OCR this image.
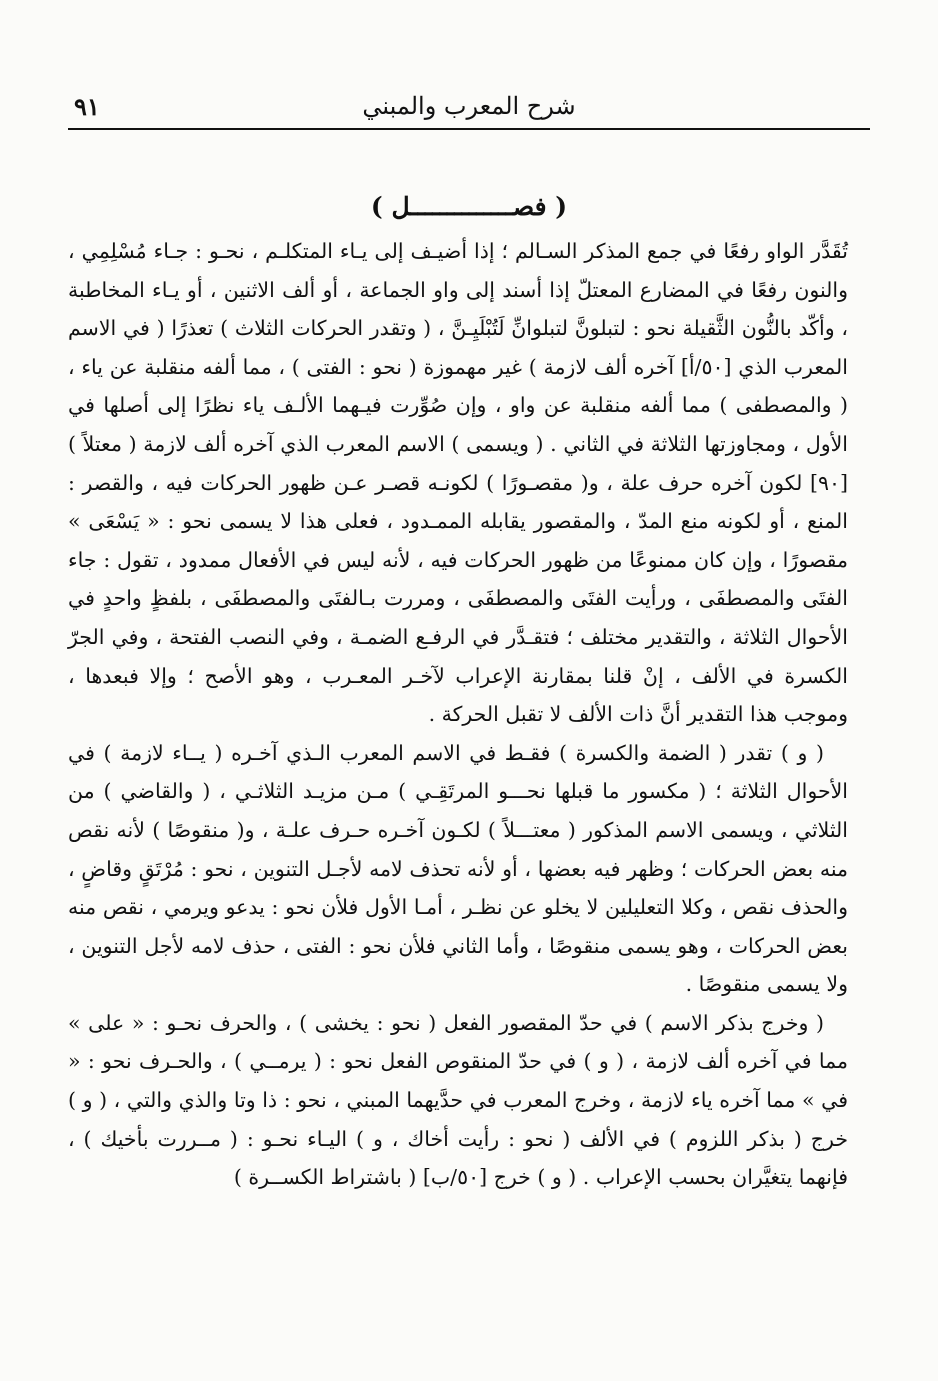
٩١	شرح المعرب والمبني
( فصــــــــــــــل )

تُقَدَّر الواو رفعًا في جمع المذكر السـالم ؛ إذا أضيـف إلى يـاء المتكلـم ، نحـو : جـاء مُسْلِمِي ، والنون رفعًا في المضارع المعتلّ إذا أسند إلى واو الجماعة ، أو ألف الاثنين ، أو يـاء المخاطبة ، وأكّد بالنُّون الثَّقيلة نحو : لتبلونَّ لتبلوانِّ لَتُبْلَيِـنَّ ، ( وتقدر الحركات الثلاث ) تعذرًا ( في الاسم المعرب الذي [٥٠/أ] آخره ألف لازمة ) غير مهموزة ( نحو : الفتى ) ، مما ألفه منقلبة عن ياء ، ( والمصطفى ) مما ألفه منقلبة عن واو ، وإن صُوِّرت فيـهما الألـف ياء نظرًا إلى أصلها في الأول ، ومجاوزتها الثلاثة في الثاني . ( ويسمى ) الاسم المعرب الذي آخره ألف لازمة ( معتلاً ) [٩٠] لكون آخره حرف علة ، و( مقصـورًا ) لكونـه قصـر عـن ظهور الحركات فيه ، والقصر : المنع ، أو لكونه منع المدّ ، والمقصور يقابله الممـدود ، فعلى هذا لا يسمى نحو : « يَسْعَى » مقصورًا ، وإن كان ممنوعًا من ظهور الحركات فيه ، لأنه ليس في الأفعال ممدود ، تقول : جاء الفتَى والمصطفَى ، ورأيت الفتَى والمصطفَى ، ومررت بـالفتَى والمصطفَى ، بلفظٍ واحدٍ في الأحوال الثلاثة ، والتقدير مختلف ؛ فتقـدَّر في الرفـع الضمـة ، وفي النصب الفتحة ، وفي الجرّ الكسرة في الألف ، إنْ قلنا بمقارنة الإعراب لآخـر المعـرب ، وهو الأصح ؛ وإلا فبعدها ، وموجب هذا التقدير أنَّ ذات الألف لا تقبل الحركة .

( و ) تقدر ( الضمة والكسرة ) فقـط في الاسم المعرب الـذي آخـره ( يــاء لازمة ) في الأحوال الثلاثة ؛ ( مكسور ما قبلها نحـــو المرتَقِـي ) مـن مزيـد الثلاثـي ، ( والقاضي ) من الثلاثي ، ويسمى الاسم المذكور ( معتـــلاً ) لكـون آخـره حـرف علـة ، و( منقوصًا ) لأنه نقص منه بعض الحركات ؛ وظهر فيه بعضها ، أو لأنه تحذف لامه لأجـل التنوين ، نحو : مُرْتَقٍ وقاضٍ ، والحذف نقص ، وكلا التعليلين لا يخلو عن نظـر ، أمـا الأول فلأن نحو : يدعو ويرمي ، نقص منه بعض الحركات ، وهو يسمى منقوصًا ، وأما الثاني فلأن نحو : الفتى ، حذف لامه لأجل التنوين ، ولا يسمى منقوصًا .

( وخرج بذكر الاسم ) في حدّ المقصور الفعل ( نحو : يخشى ) ، والحرف نحـو : « على » مما في آخره ألف لازمة ، ( و ) في حدّ المنقوص الفعل نحو : ( يرمــي ) ، والحـرف نحو : « في » مما آخره ياء لازمة ، وخرج المعرب في حدَّيهما المبني ، نحو : ذا وتا والذي والتي ، ( و ) خرج ( بذكر اللزوم ) في الألف ( نحو : رأيت أخاك ، و ) اليـاء نحـو : ( مــررت بأخيك ) ، فإنهما يتغيَّران بحسب الإعراب . ( و ) خرج [٥٠/ب] ( باشتراط الكســرة )
